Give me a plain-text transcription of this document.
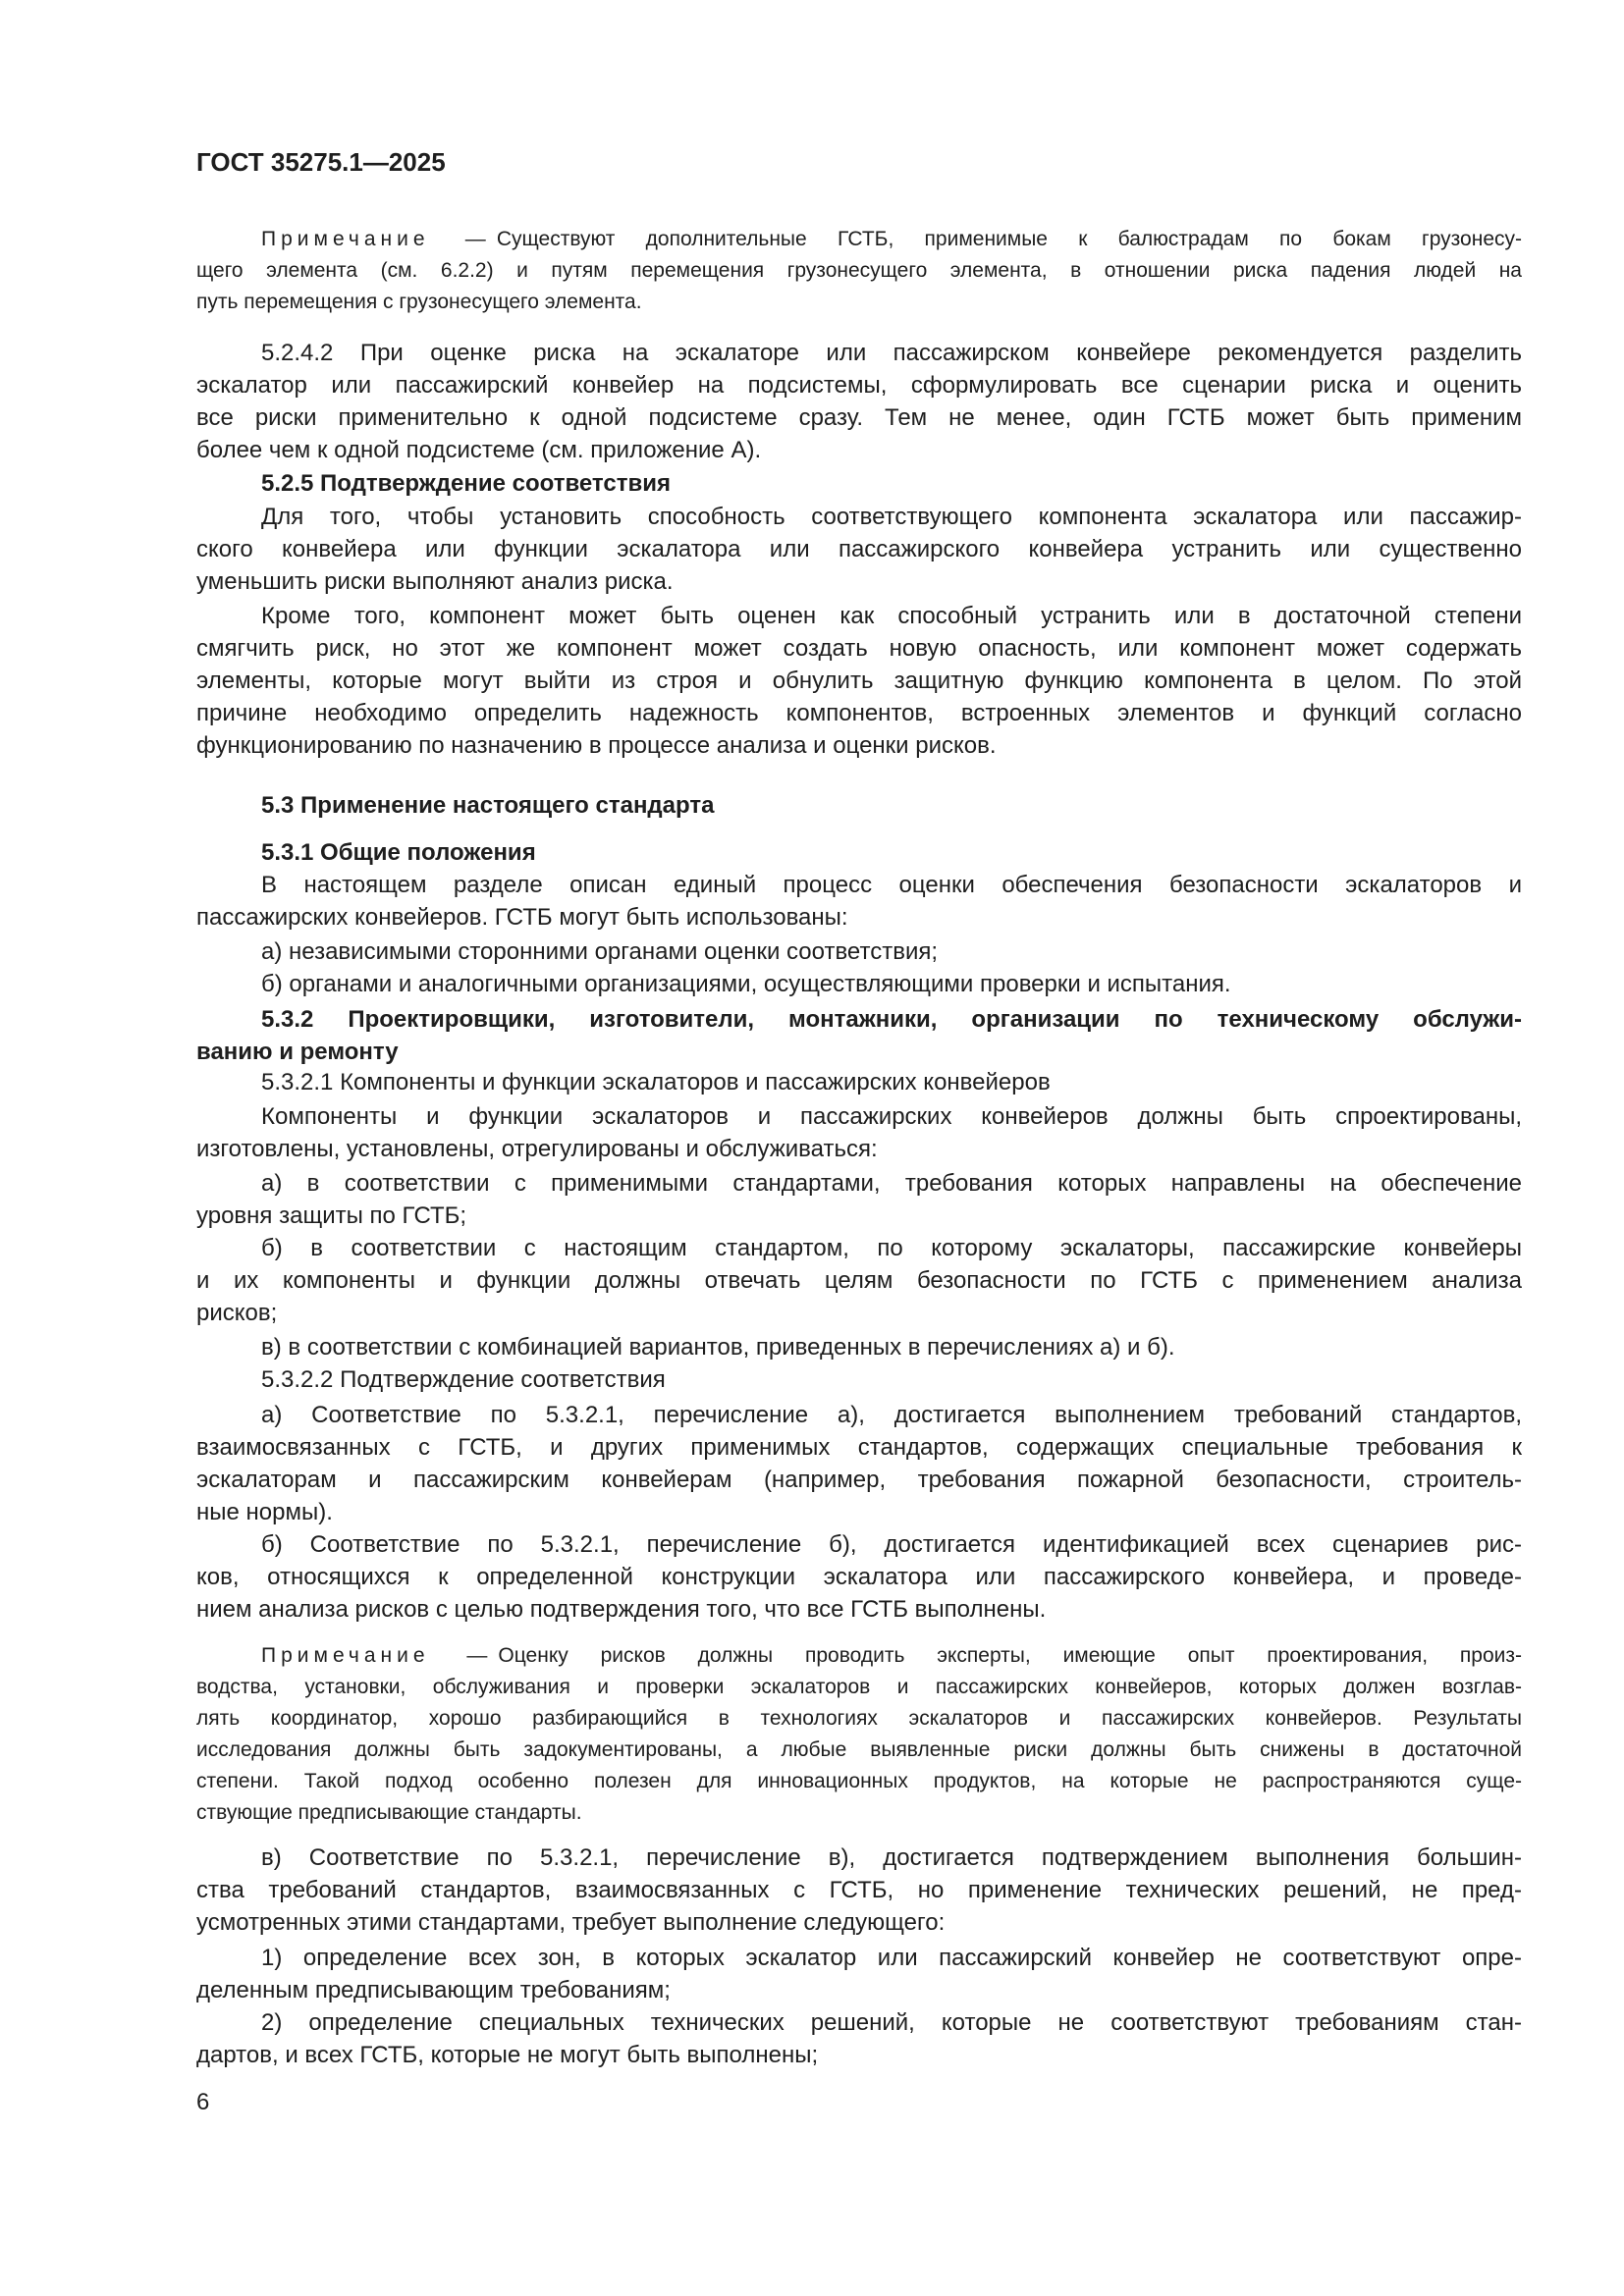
ГОСТ 35275.1—2025
Примечание — Существуют дополнительные ГСТБ, применимые к балюстрадам по бокам грузонесу-
щего элемента (см. 6.2.2) и путям перемещения грузонесущего элемента, в отношении риска падения людей на
путь перемещения с грузонесущего элемента.
5.2.4.2 При оценке риска на эскалаторе или пассажирском конвейере рекомендуется разделить
эскалатор или пассажирский конвейер на подсистемы, сформулировать все сценарии риска и оценить
все риски применительно к одной подсистеме сразу. Тем не менее, один ГСТБ может быть применим
более чем к одной подсистеме (см. приложение А).
5.2.5 Подтверждение соответствия
Для того, чтобы установить способность соответствующего компонента эскалатора или пассажир-
ского конвейера или функции эскалатора или пассажирского конвейера устранить или существенно
уменьшить риски выполняют анализ риска.
Кроме того, компонент может быть оценен как способный устранить или в достаточной степени
смягчить риск, но этот же компонент может создать новую опасность, или компонент может содержать
элементы, которые могут выйти из строя и обнулить защитную функцию компонента в целом. По этой
причине необходимо определить надежность компонентов, встроенных элементов и функций согласно
функционированию по назначению в процессе анализа и оценки рисков.
5.3 Применение настоящего стандарта
5.3.1 Общие положения
В настоящем разделе описан единый процесс оценки обеспечения безопасности эскалаторов и
пассажирских конвейеров. ГСТБ могут быть использованы:
а) независимыми сторонними органами оценки соответствия;
б) органами и аналогичными организациями, осуществляющими проверки и испытания.
5.3.2 Проектировщики, изготовители, монтажники, организации по техническому обслужи-
ванию и ремонту
5.3.2.1 Компоненты и функции эскалаторов и пассажирских конвейеров
Компоненты и функции эскалаторов и пассажирских конвейеров должны быть спроектированы,
изготовлены, установлены, отрегулированы и обслуживаться:
а) в соответствии с применимыми стандартами, требования которых направлены на обеспечение
уровня защиты по ГСТБ;
б) в соответствии с настоящим стандартом, по которому эскалаторы, пассажирские конвейеры
и их компоненты и функции должны отвечать целям безопасности по ГСТБ с применением анализа
рисков;
в) в соответствии с комбинацией вариантов, приведенных в перечислениях а) и б).
5.3.2.2 Подтверждение соответствия
а) Соответствие по 5.3.2.1, перечисление а), достигается выполнением требований стандартов,
взаимосвязанных с ГСТБ, и других применимых стандартов, содержащих специальные требования к
эскалаторам и пассажирским конвейерам (например, требования пожарной безопасности, строитель-
ные нормы).
б) Соответствие по 5.3.2.1, перечисление б), достигается идентификацией всех сценариев рис-
ков, относящихся к определенной конструкции эскалатора или пассажирского конвейера, и проведе-
нием анализа рисков с целью подтверждения того, что все ГСТБ выполнены.
Примечание — Оценку рисков должны проводить эксперты, имеющие опыт проектирования, произ-
водства, установки, обслуживания и проверки эскалаторов и пассажирских конвейеров, которых должен возглав-
лять координатор, хорошо разбирающийся в технологиях эскалаторов и пассажирских конвейеров. Результаты
исследования должны быть задокументированы, а любые выявленные риски должны быть снижены в достаточной
степени. Такой подход особенно полезен для инновационных продуктов, на которые не распространяются суще-
ствующие предписывающие стандарты.
в) Соответствие по 5.3.2.1, перечисление в), достигается подтверждением выполнения большин-
ства требований стандартов, взаимосвязанных с ГСТБ, но применение технических решений, не пред-
усмотренных этими стандартами, требует выполнение следующего:
1) определение всех зон, в которых эскалатор или пассажирский конвейер не соответствуют опре-
деленным предписывающим требованиям;
2) определение специальных технических решений, которые не соответствуют требованиям стан-
дартов, и всех ГСТБ, которые не могут быть выполнены;
6
